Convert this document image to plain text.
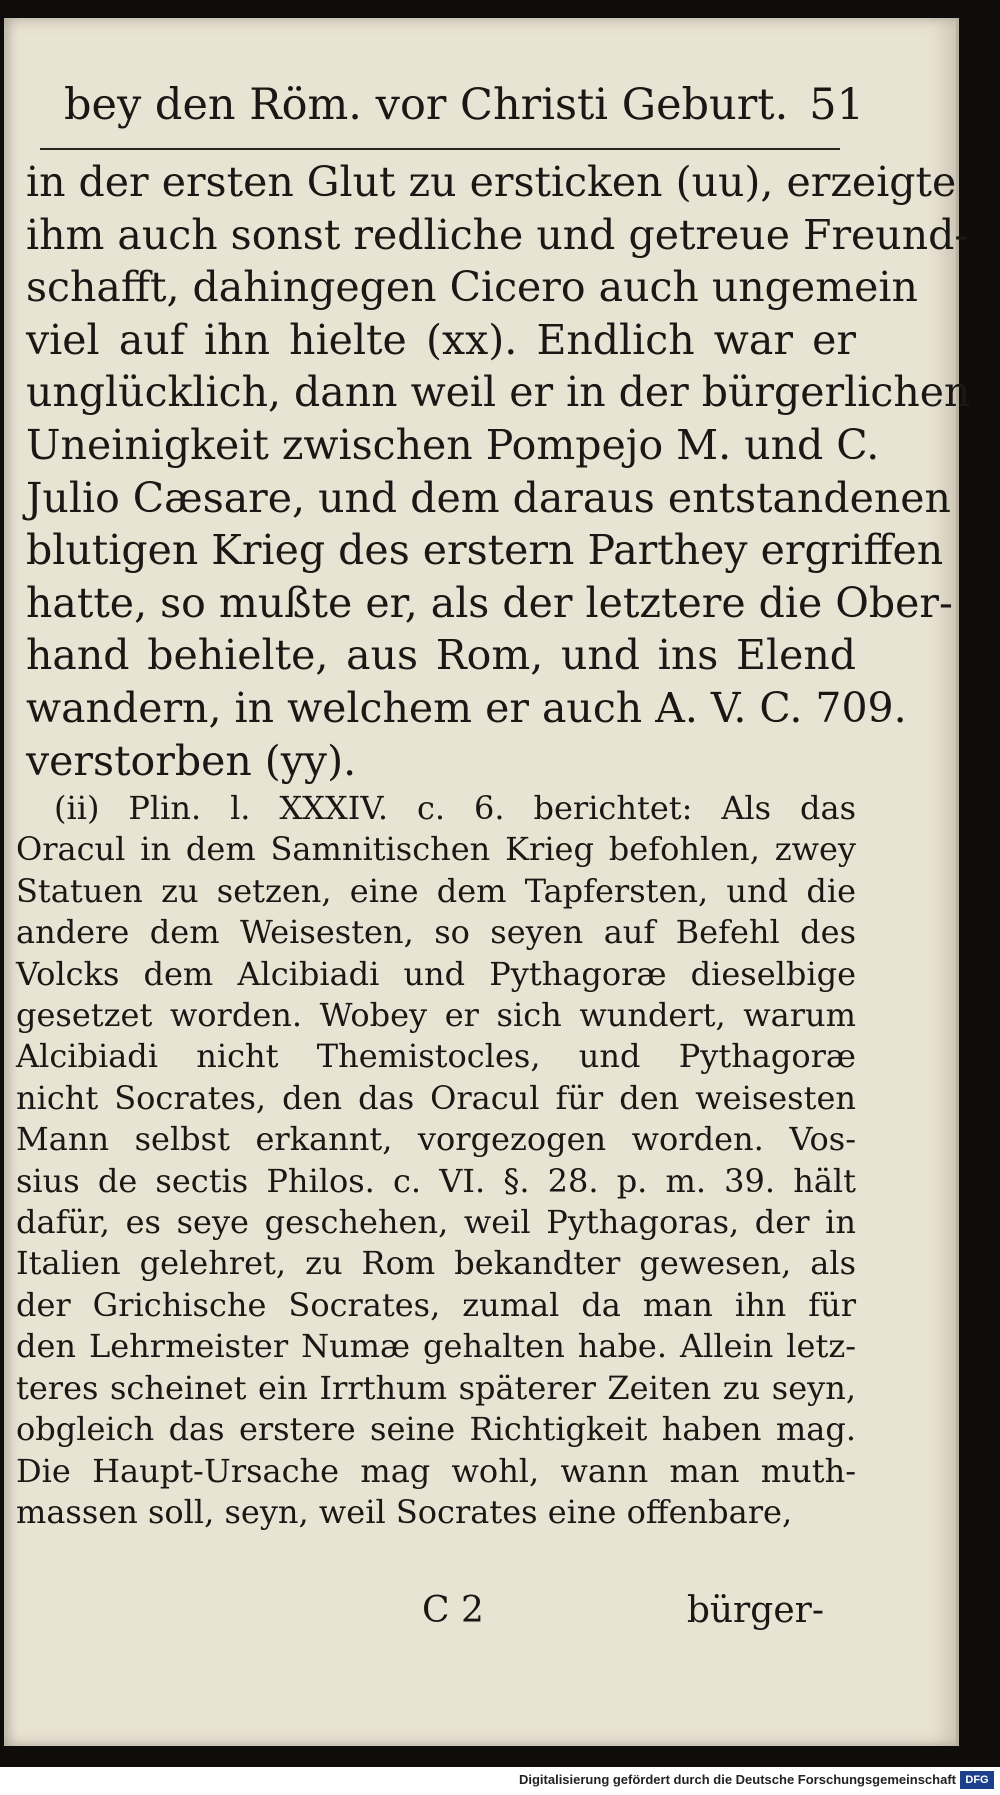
bey den Röm. vor Christi Geburt. 51
in der ersten Glut zu ersticken (uu), erzeigte
ihm auch sonst redliche und getreue Freund-
schafft, dahingegen Cicero auch ungemein
viel auf ihn hielte (xx). Endlich war er
unglücklich, dann weil er in der bürgerlichen
Uneinigkeit zwischen Pompejo M. und C.
Julio Cæsare, und dem daraus entstandenen
blutigen Krieg des erstern Parthey ergriffen
hatte, so mußte er, als der letztere die Ober-
hand behielte, aus Rom, und ins Elend
wandern, in welchem er auch A. V. C. 709.
verstorben (yy).
(ii) Plin. l. XXXIV. c. 6. berichtet: Als das
Oracul in dem Samnitischen Krieg befohlen, zwey
Statuen zu setzen, eine dem Tapfersten, und die
andere dem Weisesten, so seyen auf Befehl des
Volcks dem Alcibiadi und Pythagoræ dieselbige
gesetzet worden. Wobey er sich wundert, warum
Alcibiadi nicht Themistocles, und Pythagoræ
nicht Socrates, den das Oracul für den weisesten
Mann selbst erkannt, vorgezogen worden. Vos-
sius de sectis Philos. c. VI. §. 28. p. m. 39. hält
dafür, es seye geschehen, weil Pythagoras, der in
Italien gelehret, zu Rom bekandter gewesen, als
der Grichische Socrates, zumal da man ihn für
den Lehrmeister Numæ gehalten habe. Allein letz-
teres scheinet ein Irrthum späterer Zeiten zu seyn,
obgleich das erstere seine Richtigkeit haben mag.
Die Haupt-Ursache mag wohl, wann man muth-
massen soll, seyn, weil Socrates eine offenbare,
C 2	bürger-
Digitalisierung gefördert durch die Deutsche Forschungsgemeinschaft DFG
